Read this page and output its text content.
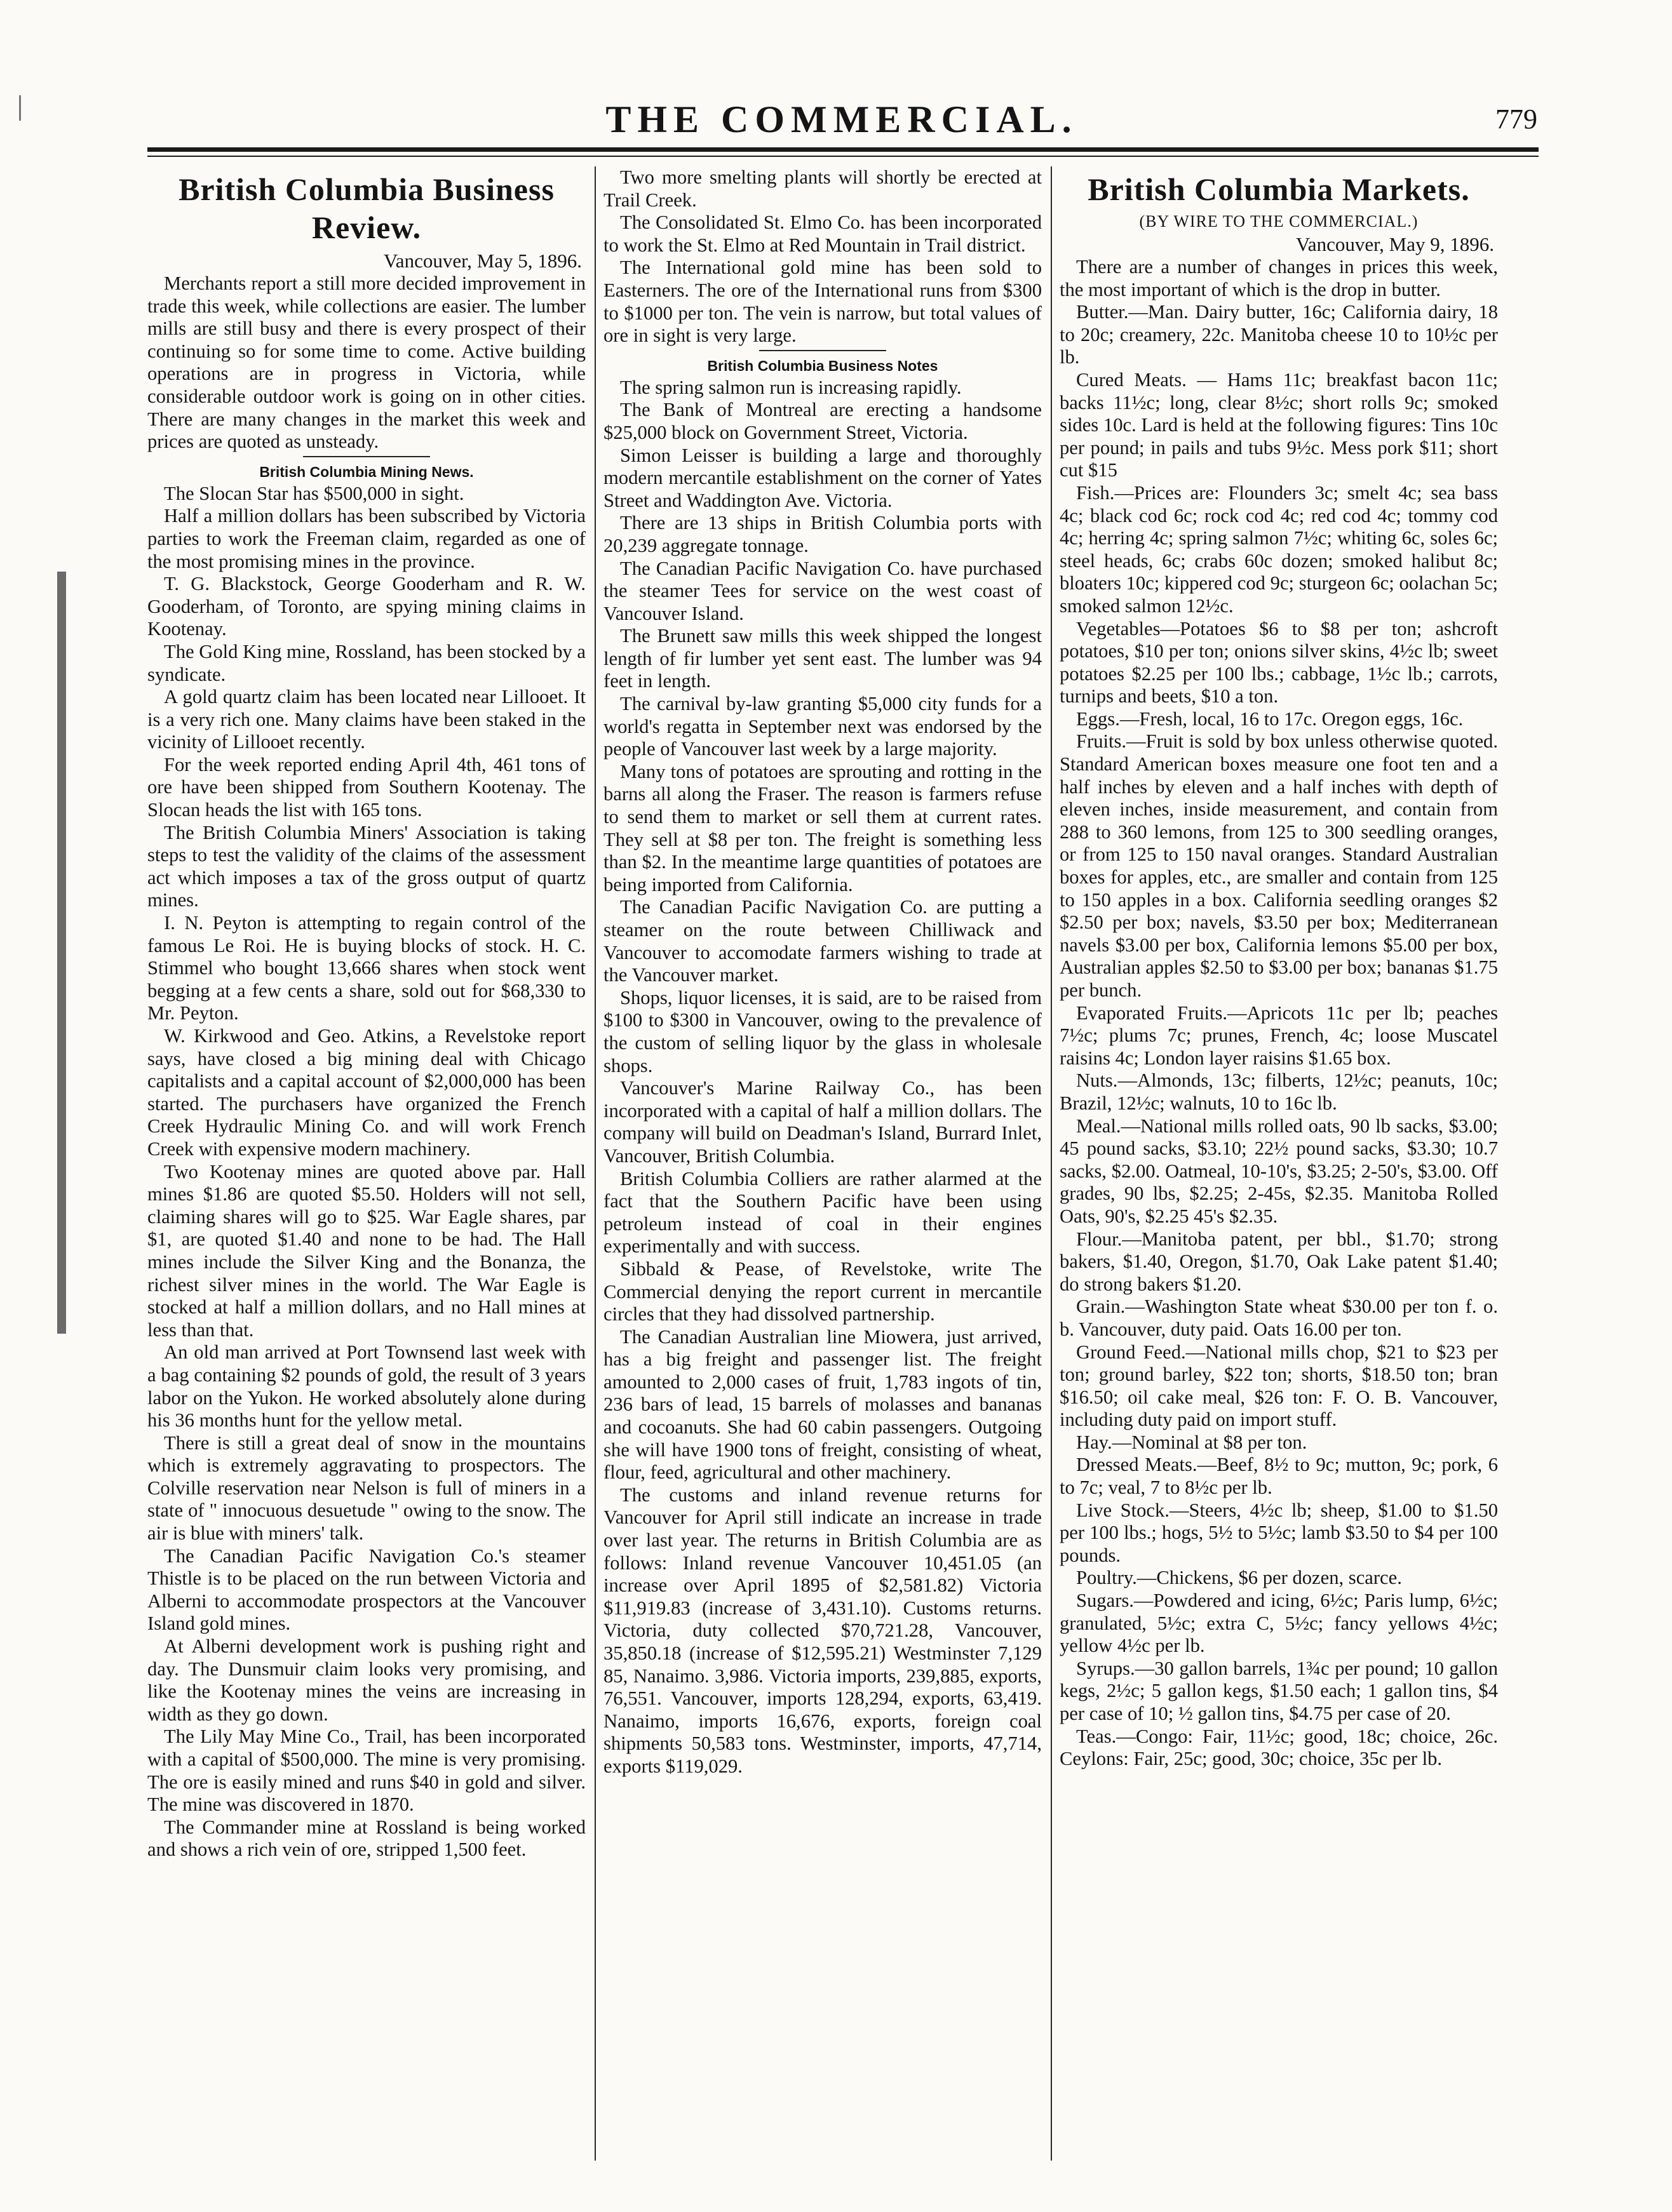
THE COMMERCIAL.	779
British Columbia Business Review.
Vancouver, May 5, 1896.

Merchants report a still more decided improvement in trade this week, while collections are easier. The lumber mills are still busy and there is every prospect of their continuing so for some time to come. Active building operations are in progress in Victoria, while considerable outdoor work is going on in other cities. There are many changes in the market this week and prices are quoted as unsteady.

British Columbia Mining News.

The Slocan Star has $500,000 in sight.

Half a million dollars has been subscribed by Victoria parties to work the Freeman claim, regarded as one of the most promising mines in the province.

T. G. Blackstock, George Gooderham and R. W. Gooderham, of Toronto, are spying mining claims in Kootenay.

The Gold King mine, Rossland, has been stocked by a syndicate.

A gold quartz claim has been located near Lillooet. It is a very rich one. Many claims have been staked in the vicinity of Lillooet recently.

For the week reported ending April 4th, 461 tons of ore have been shipped from Southern Kootenay. The Slocan heads the list with 165 tons.

The British Columbia Miners' Association is taking steps to test the validity of the claims of the assessment act which imposes a tax of the gross output of quartz mines.

I. N. Peyton is attempting to regain control of the famous Le Roi. He is buying blocks of stock. H. C. Stimmel who bought 13,666 shares when stock went begging at a few cents a share, sold out for $68,330 to Mr. Peyton.

W. Kirkwood and Geo. Atkins, a Revelstoke report says, have closed a big mining deal with Chicago capitalists and a capital account of $2,000,000 has been started. The purchasers have organized the French Creek Hydraulic Mining Co. and will work French Creek with expensive modern machinery.

Two Kootenay mines are quoted above par. Hall mines $1.86 are quoted $5.50. Holders will not sell, claiming shares will go to $25. War Eagle shares, par $1, are quoted $1.40 and none to be had. The Hall mines include the Silver King and the Bonanza, the richest silver mines in the world. The War Eagle is stocked at half a million dollars, and no Hall mines at less than that.

An old man arrived at Port Townsend last week with a bag containing $2 pounds of gold, the result of 3 years labor on the Yukon. He worked absolutely alone during his 36 months hunt for the yellow metal.

There is still a great deal of snow in the mountains which is extremely aggravating to prospectors. The Colville reservation near Nelson is full of miners in a state of " innocuous desuetude " owing to the snow. The air is blue with miners' talk.

The Canadian Pacific Navigation Co.'s steamer Thistle is to be placed on the run between Victoria and Alberni to accommodate prospectors at the Vancouver Island gold mines.

At Alberni development work is pushing right and day. The Dunsmuir claim looks very promising, and like the Kootenay mines the veins are increasing in width as they go down.

The Lily May Mine Co., Trail, has been incorporated with a capital of $500,000. The mine is very promising. The ore is easily mined and runs $40 in gold and silver. The mine was discovered in 1870.

The Commander mine at Rossland is being worked and shows a rich vein of ore, stripped 1,500 feet.

Two more smelting plants will shortly be erected at Trail Creek.

The Consolidated St. Elmo Co. has been incorporated to work the St. Elmo at Red Mountain in Trail district.

The International gold mine has been sold to Easterners. The ore of the International runs from $300 to $1000 per ton. The vein is narrow, but total values of ore in sight is very large.

British Columbia Business Notes

The spring salmon run is increasing rapidly.

The Bank of Montreal are erecting a handsome $25,000 block on Government Street, Victoria.

Simon Leisser is building a large and thoroughly modern mercantile establishment on the corner of Yates Street and Waddington Ave. Victoria.

There are 13 ships in British Columbia ports with 20,239 aggregate tonnage.

The Canadian Pacific Navigation Co. have purchased the steamer Tees for service on the west coast of Vancouver Island.

The Brunett saw mills this week shipped the longest length of fir lumber yet sent east. The lumber was 94 feet in length.

The carnival by-law granting $5,000 city funds for a world's regatta in September next was endorsed by the people of Vancouver last week by a large majority.

Many tons of potatoes are sprouting and rotting in the barns all along the Fraser. The reason is farmers refuse to send them to market or sell them at current rates. They sell at $8 per ton. The freight is something less than $2. In the meantime large quantities of potatoes are being imported from California.

The Canadian Pacific Navigation Co. are putting a steamer on the route between Chilliwack and Vancouver to accomodate farmers wishing to trade at the Vancouver market.

Shops, liquor licenses, it is said, are to be raised from $100 to $300 in Vancouver, owing to the prevalence of the custom of selling liquor by the glass in wholesale shops.

Vancouver's Marine Railway Co., has been incorporated with a capital of half a million dollars. The company will build on Deadman's Island, Burrard Inlet, Vancouver, British Columbia.

British Columbia Colliers are rather alarmed at the fact that the Southern Pacific have been using petroleum instead of coal in their engines experimentally and with success.

Sibbald & Pease, of Revelstoke, write The Commercial denying the report current in mercantile circles that they had dissolved partnership.

The Canadian Australian line Miowera, just arrived, has a big freight and passenger list. The freight amounted to 2,000 cases of fruit, 1,783 ingots of tin, 236 bars of lead, 15 barrels of molasses and bananas and cocoanuts. She had 60 cabin passengers. Outgoing she will have 1900 tons of freight, consisting of wheat, flour, feed, agricultural and other machinery.

The customs and inland revenue returns for Vancouver for April still indicate an increase in trade over last year. The returns in British Columbia are as follows: Inland revenue Vancouver 10,451.05 (an increase over April 1895 of $2,581.82) Victoria $11,919.83 (increase of 3,431.10). Customs returns. Victoria, duty collected $70,721.28, Vancouver, 35,850.18 (increase of $12,595.21) Westminster 7,129 85, Nanaimo. 3,986. Victoria imports, 239,885, exports, 76,551. Vancouver, imports 128,294, exports, 63,419. Nanaimo, imports 16,676, exports, foreign coal shipments 50,583 tons. Westminster, imports, 47,714, exports $119,029.

British Columbia Markets.
(BY WIRE TO THE COMMERCIAL.)
Vancouver, May 9, 1896.

There are a number of changes in prices this week, the most important of which is the drop in butter.

Butter.—Man. Dairy butter, 16c; California dairy, 18 to 20c; creamery, 22c. Manitoba cheese 10 to 10½c per lb.

Cured Meats. — Hams 11c; breakfast bacon 11c; backs 11½c; long, clear 8½c; short rolls 9c; smoked sides 10c. Lard is held at the following figures: Tins 10c per pound; in pails and tubs 9½c. Mess pork $11; short cut $15

Fish.—Prices are: Flounders 3c; smelt 4c; sea bass 4c; black cod 6c; rock cod 4c; red cod 4c; tommy cod 4c; herring 4c; spring salmon 7½c; whiting 6c, soles 6c; steel heads, 6c; crabs 60c dozen; smoked halibut 8c; bloaters 10c; kippered cod 9c; sturgeon 6c; oolachan 5c; smoked salmon 12½c.

Vegetables—Potatoes $6 to $8 per ton; ashcroft potatoes, $10 per ton; onions silver skins, 4½c lb; sweet potatoes $2.25 per 100 lbs.; cabbage, 1½c lb.; carrots, turnips and beets, $10 a ton.

Eggs.—Fresh, local, 16 to 17c. Oregon eggs, 16c.

Fruits.—Fruit is sold by box unless otherwise quoted. Standard American boxes measure one foot ten and a half inches by eleven and a half inches with depth of eleven inches, inside measurement, and contain from 288 to 360 lemons, from 125 to 300 seedling oranges, or from 125 to 150 naval oranges. Standard Australian boxes for apples, etc., are smaller and contain from 125 to 150 apples in a box. California seedling oranges $2 $2.50 per box; navels, $3.50 per box; Mediterranean navels $3.00 per box, California lemons $5.00 per box, Australian apples $2.50 to $3.00 per box; bananas $1.75 per bunch.

Evaporated Fruits.—Apricots 11c per lb; peaches 7½c; plums 7c; prunes, French, 4c; loose Muscatel raisins 4c; London layer raisins $1.65 box.

Nuts.—Almonds, 13c; filberts, 12½c; peanuts, 10c; Brazil, 12½c; walnuts, 10 to 16c lb.

Meal.—National mills rolled oats, 90 lb sacks, $3.00; 45 pound sacks, $3.10; 22½ pound sacks, $3.30; 10.7 sacks, $2.00. Oatmeal, 10-10's, $3.25; 2-50's, $3.00. Off grades, 90 lbs, $2.25; 2-45s, $2.35. Manitoba Rolled Oats, 90's, $2.25 45's $2.35.

Flour.—Manitoba patent, per bbl., $1.70; strong bakers, $1.40, Oregon, $1.70, Oak Lake patent $1.40; do strong bakers $1.20.

Grain.—Washington State wheat $30.00 per ton f. o. b. Vancouver, duty paid. Oats 16.00 per ton.

Ground Feed.—National mills chop, $21 to $23 per ton; ground barley, $22 ton; shorts, $18.50 ton; bran $16.50; oil cake meal, $26 ton: F. O. B. Vancouver, including duty paid on import stuff.

Hay.—Nominal at $8 per ton.

Dressed Meats.—Beef, 8½ to 9c; mutton, 9c; pork, 6 to 7c; veal, 7 to 8½c per lb.

Live Stock.—Steers, 4½c lb; sheep, $1.00 to $1.50 per 100 lbs.; hogs, 5½ to 5½c; lamb $3.50 to $4 per 100 pounds.

Poultry.—Chickens, $6 per dozen, scarce.

Sugars.—Powdered and icing, 6½c; Paris lump, 6½c; granulated, 5½c; extra C, 5½c; fancy yellows 4½c; yellow 4½c per lb.

Syrups.—30 gallon barrels, 1¾c per pound; 10 gallon kegs, 2½c; 5 gallon kegs, $1.50 each; 1 gallon tins, $4 per case of 10; ½ gallon tins, $4.75 per case of 20.

Teas.—Congo: Fair, 11½c; good, 18c; choice, 26c. Ceylons: Fair, 25c; good, 30c; choice, 35c per lb.
